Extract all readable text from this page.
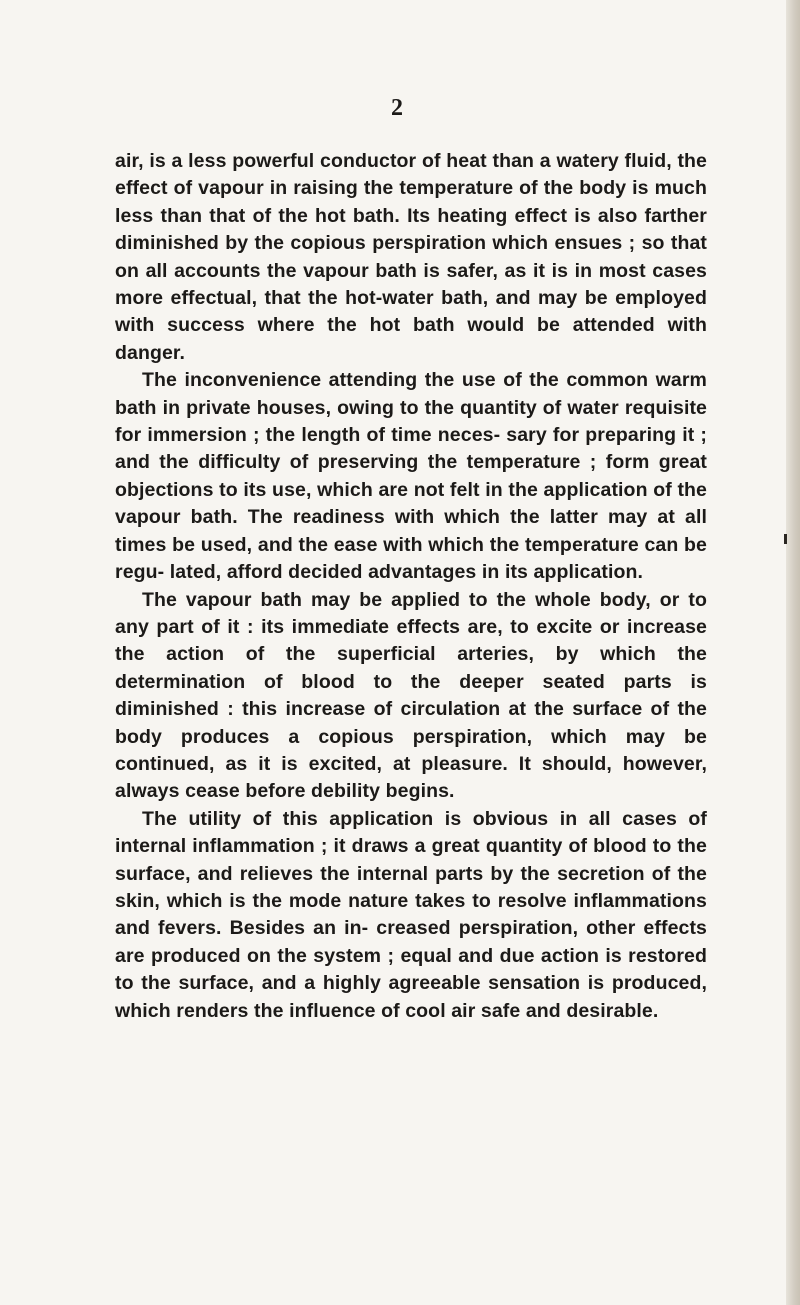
2

air, is a less powerful conductor of heat than a watery fluid, the effect of vapour in raising the temperature of the body is much less than that of the hot bath. Its heating effect is also farther diminished by the copious perspiration which ensues ; so that on all accounts the vapour bath is safer, as it is in most cases more effectual, that the hot-water bath, and may be employed with success where the hot bath would be attended with danger.

The inconvenience attending the use of the common warm bath in private houses, owing to the quantity of water requisite for immersion ; the length of time neces- sary for preparing it ; and the difficulty of preserving the temperature ; form great objections to its use, which are not felt in the application of the vapour bath. The readiness with which the latter may at all times be used, and the ease with which the temperature can be regu- lated, afford decided advantages in its application.

The vapour bath may be applied to the whole body, or to any part of it : its immediate effects are, to excite or increase the action of the superficial arteries, by which the determination of blood to the deeper seated parts is diminished : this increase of circulation at the surface of the body produces a copious perspiration, which may be continued, as it is excited, at pleasure. It should, however, always cease before debility begins.

The utility of this application is obvious in all cases of internal inflammation ; it draws a great quantity of blood to the surface, and relieves the internal parts by the secretion of the skin, which is the mode nature takes to resolve inflammations and fevers. Besides an in- creased perspiration, other effects are produced on the system ; equal and due action is restored to the surface, and a highly agreeable sensation is produced, which renders the influence of cool air safe and desirable.
